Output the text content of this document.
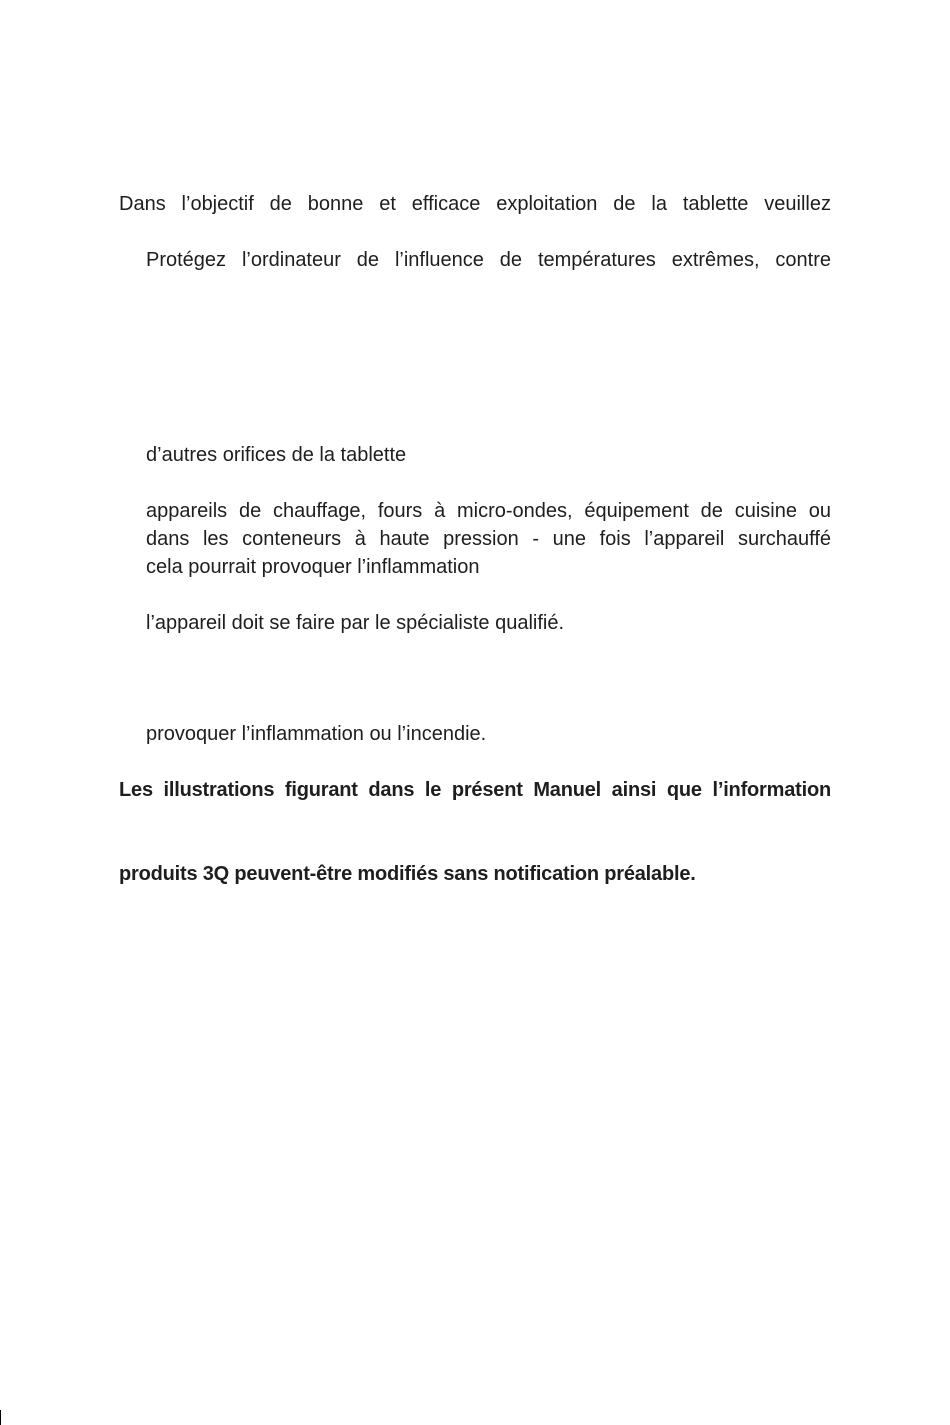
Dans l’objectif de bonne et efficace exploitation de la tablette veuillez
Protégez l’ordinateur de l’influence de températures extrêmes, contre
d’autres orifices de la tablette
appareils de chauffage, fours à micro-ondes, équipement de cuisine ou
dans les conteneurs à haute pression - une fois l’appareil surchauffé
cela pourrait provoquer l’inflammation
l’appareil doit se faire par le spécialiste qualifié.
provoquer l’inflammation ou l’incendie.
Les illustrations figurant dans le présent Manuel ainsi que l’information
produits 3Q peuvent-être modifiés sans notification préalable.
